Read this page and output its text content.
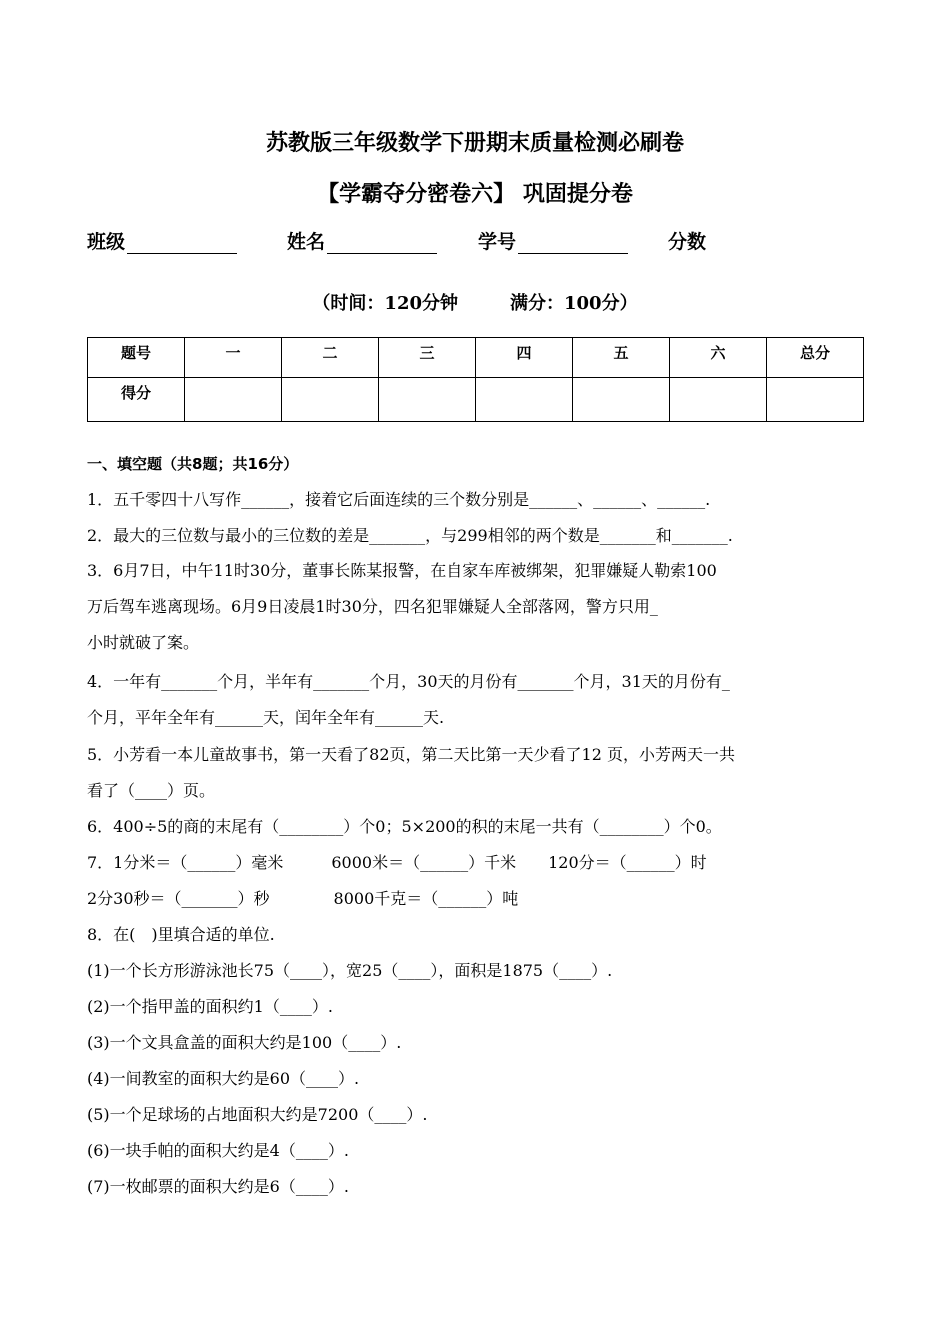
苏教版三年级数学下册期末质量检测必刷卷
【学霸夺分密卷六】 巩固提分卷
班级	姓名	学号	分数
（时间：120分钟	满分：100分）
题号	一	二	三	四	五	六	总分
得分							
一、填空题（共8题；共16分）
1．五千零四十八写作______，接着它后面连续的三个数分别是______、______、______.
2．最大的三位数与最小的三位数的差是_______，与299相邻的两个数是_______和_______.
3．6月7日，中午11时30分，董事长陈某报警，在自家车库被绑架，犯罪嫌疑人勒索100
万后驾车逃离现场。6月9日凌晨1时30分，四名犯罪嫌疑人全部落网，警方只用_
小时就破了案。
4．一年有_______个月，半年有_______个月，30天的月份有_______个月，31天的月份有_
个月，平年全年有______天，闰年全年有______天.
5．小芳看一本儿童故事书，第一天看了82页，第二天比第一天少看了12 页，小芳两天一共
看了（____）页。
6．400÷5的商的末尾有（________）个0；5×200的积的末尾一共有（________）个0。
7．1分米＝（______）毫米　　　6000米＝（______）千米　　120分＝（______）时
2分30秒＝（_______）秒　　　　8000千克＝（______）吨
8．在(　)里填合适的单位.
(1)一个长方形游泳池长75（____），宽25（____），面积是1875（____）.
(2)一个指甲盖的面积约1（____）.
(3)一个文具盒盖的面积大约是100（____）.
(4)一间教室的面积大约是60（____）.
(5)一个足球场的占地面积大约是7200（____）.
(6)一块手帕的面积大约是4（____）.
(7)一枚邮票的面积大约是6（____）.
